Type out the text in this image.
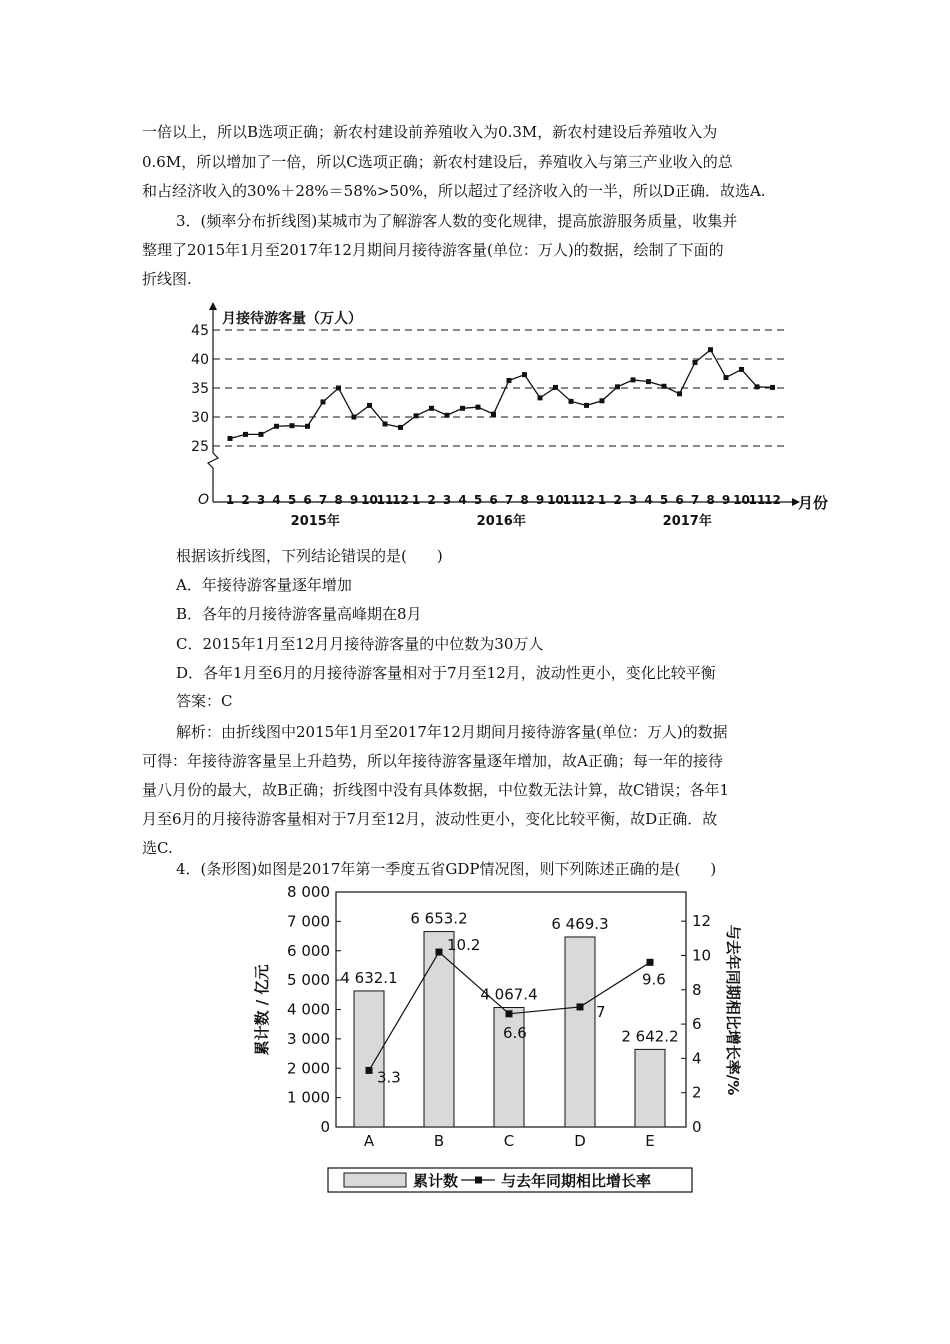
一倍以上，所以B选项正确；新农村建设前养殖收入为0.3M，新农村建设后养殖收入为
0.6M，所以增加了一倍，所以C选项正确；新农村建设后，养殖收入与第三产业收入的总
和占经济收入的30%＋28%＝58%>50%，所以超过了经济收入的一半，所以D正确．故选A.
3．(频率分布折线图)某城市为了解游客人数的变化规律，提高旅游服务质量，收集并
整理了2015年1月至2017年12月期间月接待游客量(单位：万人)的数据，绘制了下面的
折线图.
25
30
35
40
45
月接待游客量（万人）
O 1 2 3 4 5 6 7 8 9 10
11
12 1 2 3 4 5 6 7 8 9 10
11
12 1 2 3 4 5 6 7 8 9 10
11
12
2015年	2016年	2017年
月份
根据该折线图，下列结论错误的是(　　)
A．年接待游客量逐年增加
B．各年的月接待游客量高峰期在8月
C．2015年1月至12月月接待游客量的中位数为30万人
D．各年1月至6月的月接待游客量相对于7月至12月，波动性更小，变化比较平衡
答案：C
解析：由折线图中2015年1月至2017年12月期间月接待游客量(单位：万人)的数据
可得：年接待游客量呈上升趋势，所以年接待游客量逐年增加，故A正确；每一年的接待
量八月份的最大，故B正确；折线图中没有具体数据，中位数无法计算，故C错误；各年1
月至6月的月接待游客量相对于7月至12月，波动性更小，变化比较平衡，故D正确．故
选C.
4．(条形图)如图是2017年第一季度五省GDP情况图，则下列陈述正确的是(　　)
0
1 000
2 000
3 000
4 000
5 000
6 000
7 000
8 000
0
2
4
6
8
10
12
4 632.1
6 653.2
4 067.4
6 469.3
2 642.2
A	B	C	D	E
3.3
10.2
6.6
7
9.6
累计数 / 亿元	与去年同期相比增长率/%
累计数	与去年同期相比增长率
